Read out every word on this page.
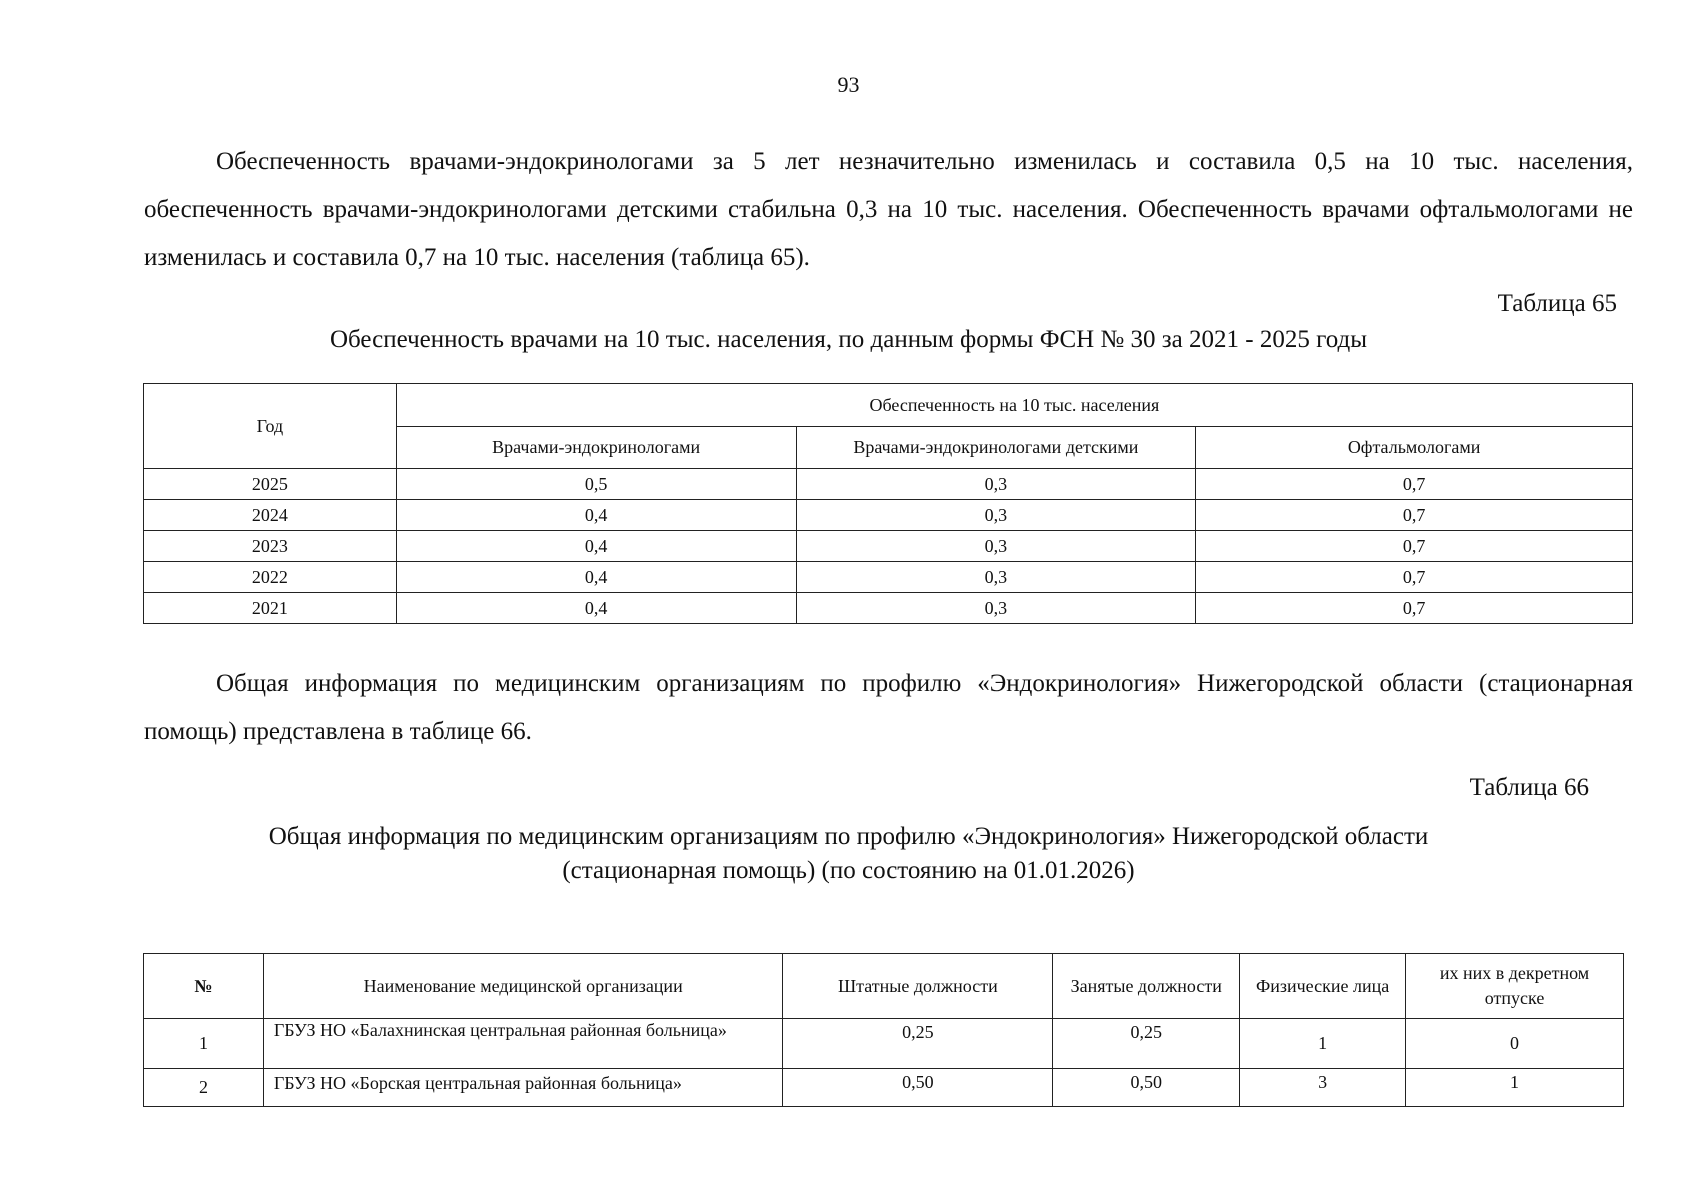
93

Обеспеченность врачами-эндокринологами за 5 лет незначительно изменилась и составила 0,5 на 10 тыс. населения, обеспеченность врачами-эндокринологами детскими стабильна 0,3 на 10 тыс. населения. Обеспеченность врачами офтальмологами не изменилась и составила 0,7 на 10 тыс. населения (таблица 65).

Таблица 65
Обеспеченность врачами на 10 тыс. населения, по данным формы ФСН № 30 за 2021 - 2025 годы
Год	Обеспеченность на 10 тыс. населения		
	Врачами-эндокринологами	Врачами-эндокринологами детскими	Офтальмологами
2025	0,5	0,3	0,7
2024	0,4	0,3	0,7
2023	0,4	0,3	0,7
2022	0,4	0,3	0,7
2021	0,4	0,3	0,7

Общая информация по медицинским организациям по профилю «Эндокринология» Нижегородской области (стационарная помощь) представлена в таблице 66.

Таблица 66
Общая информация по медицинским организациям по профилю «Эндокринология» Нижегородской области
(стационарная помощь) (по состоянию на 01.01.2026)
№	Наименование медицинской организации	Штатные должности	Занятые должности	Физические лица	их них в декретном отпуске
1	ГБУЗ НО «Балахнинская центральная районная больница»	0,25	0,25	1	0
2	ГБУЗ НО «Борская центральная районная больница»	0,50	0,50	3	1
